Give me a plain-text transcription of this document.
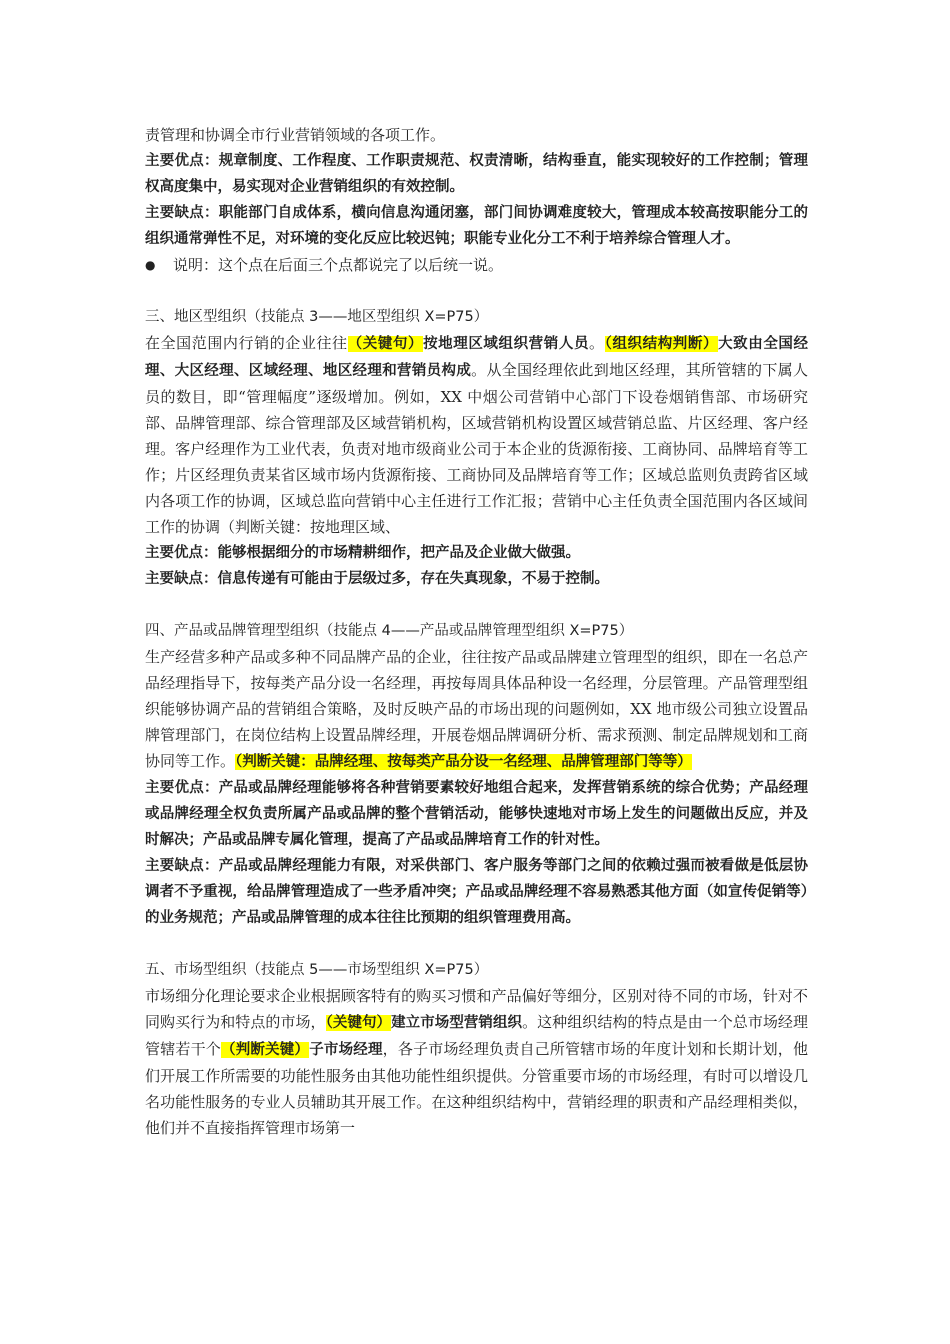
责管理和协调全市行业营销领域的各项工作。

主要优点：规章制度、工作程度、工作职责规范、权责清晰，结构垂直，能实现较好的工作控制；管理权高度集中，易实现对企业营销组织的有效控制。

主要缺点：职能部门自成体系，横向信息沟通闭塞，部门间协调难度较大，管理成本较高按职能分工的组织通常弹性不足，对环境的变化反应比较迟钝；职能专业化分工不利于培养综合管理人才。

●	说明：这个点在后面三个点都说完了以后统一说。

三、地区型组织（技能点 3——地区型组织 X=P75）

在全国范围内行销的企业往往（关键句）按地理区域组织营销人员。（组织结构判断）大致由全国经理、大区经理、区域经理、地区经理和营销员构成。从全国经理依此到地区经理，其所管辖的下属人员的数目，即“管理幅度”逐级增加。例如，XX 中烟公司营销中心部门下设卷烟销售部、市场研究部、品牌管理部、综合管理部及区域营销机构，区域营销机构设置区域营销总监、片区经理、客户经理。客户经理作为工业代表，负责对地市级商业公司于本企业的货源衔接、工商协同、品牌培育等工作；片区经理负责某省区域市场内货源衔接、工商协同及品牌培育等工作；区域总监则负责跨省区域内各项工作的协调，区域总监向营销中心主任进行工作汇报；营销中心主任负责全国范围内各区域间工作的协调（判断关键：按地理区域、

主要优点：能够根据细分的市场精耕细作，把产品及企业做大做强。

主要缺点：信息传递有可能由于层级过多，存在失真现象，不易于控制。

四、产品或品牌管理型组织（技能点 4——产品或品牌管理型组织 X=P75）

生产经营多种产品或多种不同品牌产品的企业，往往按产品或品牌建立管理型的组织，即在一名总产品经理指导下，按每类产品分设一名经理，再按每周具体品种设一名经理，分层管理。产品管理型组织能够协调产品的营销组合策略，及时反映产品的市场出现的问题例如，XX 地市级公司独立设置品牌管理部门，在岗位结构上设置品牌经理，开展卷烟品牌调研分析、需求预测、制定品牌规划和工商协同等工作。（判断关键：品牌经理、按每类产品分设一名经理、品牌管理部门等等）

主要优点：产品或品牌经理能够将各种营销要素较好地组合起来，发挥营销系统的综合优势；产品经理或品牌经理全权负责所属产品或品牌的整个营销活动，能够快速地对市场上发生的问题做出反应，并及时解决；产品或品牌专属化管理，提高了产品或品牌培育工作的针对性。

主要缺点：产品或品牌经理能力有限，对采供部门、客户服务等部门之间的依赖过强而被看做是低层协调者不予重视，给品牌管理造成了一些矛盾冲突；产品或品牌经理不容易熟悉其他方面（如宣传促销等）的业务规范；产品或品牌管理的成本往往比预期的组织管理费用高。

五、市场型组织（技能点 5——市场型组织 X=P75）

市场细分化理论要求企业根据顾客特有的购买习惯和产品偏好等细分，区别对待不同的市场，针对不同购买行为和特点的市场，（关键句）建立市场型营销组织。这种组织结构的特点是由一个总市场经理管辖若干个（判断关键）子市场经理，各子市场经理负责自己所管辖市场的年度计划和长期计划，他们开展工作所需要的功能性服务由其他功能性组织提供。分管重要市场的市场经理，有时可以增设几名功能性服务的专业人员辅助其开展工作。在这种组织结构中，营销经理的职责和产品经理相类似，他们并不直接指挥管理市场第一
